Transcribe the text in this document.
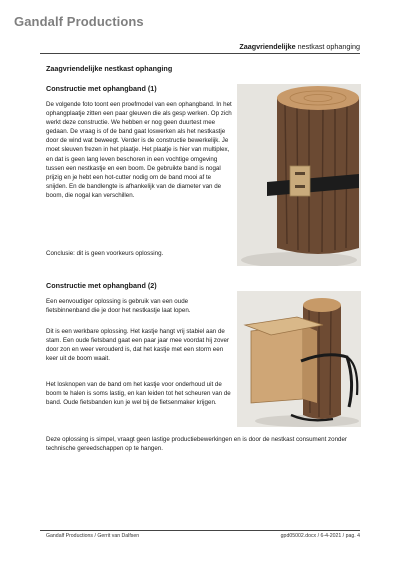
Gandalf Productions
Zaagvriendelijke nestkast ophanging
Zaagvriendelijke nestkast ophanging
Constructie met ophangband (1)

De volgende foto toont een proefmodel van een ophangband. In het ophangplaatje zitten een paar gleuven die als gesp werken. Op zich werkt deze constructie. We hebben er nog geen duurtest mee gedaan. De vraag is of de band gaat loswerken als het nestkastje door de wind wat beweegt. Verder is de constructie bewerkelijk. Je moet sleuven frezen in het plaatje. Het plaatje is hier van multiplex, en dat is geen lang leven beschoren in een vochtige omgeving tussen een nestkastje en een boom. De gebruikte band is nogal prijzig en je hebt een hot-cutter nodig om de band mooi af te snijden. En de bandlengte is afhankelijk van de diameter van de boom, die nogal kan verschillen.

Conclusie: dit is geen voorkeurs oplossing.

Constructie met ophangband (2)

Een eenvoudiger oplossing is gebruik van een oude fietsbinnenband die je door het nestkastje laat lopen.

Dit is een werkbare oplossing. Het kastje hangt vrij stabiel aan de stam. Een oude fietsband gaat een paar jaar mee voordat hij zover door zon en weer verouderd is, dat het kastje met een storm een keer uit de boom waait.

Het losknopen van de band om het kastje voor onderhoud uit de boom te halen is soms lastig, en kan leiden tot het scheuren van de band. Oude fietsbanden kun je wel bij de fietsenmaker krijgen.

Deze oplossing is simpel, vraagt geen lastige productiebewerkingen en is door de nestkast consument zonder technische gereedschappen op te hangen.

Gandalf Productions / Gerrit van Dalfsen	gpd05002.docx / 6-4-2021 / pag. 4
